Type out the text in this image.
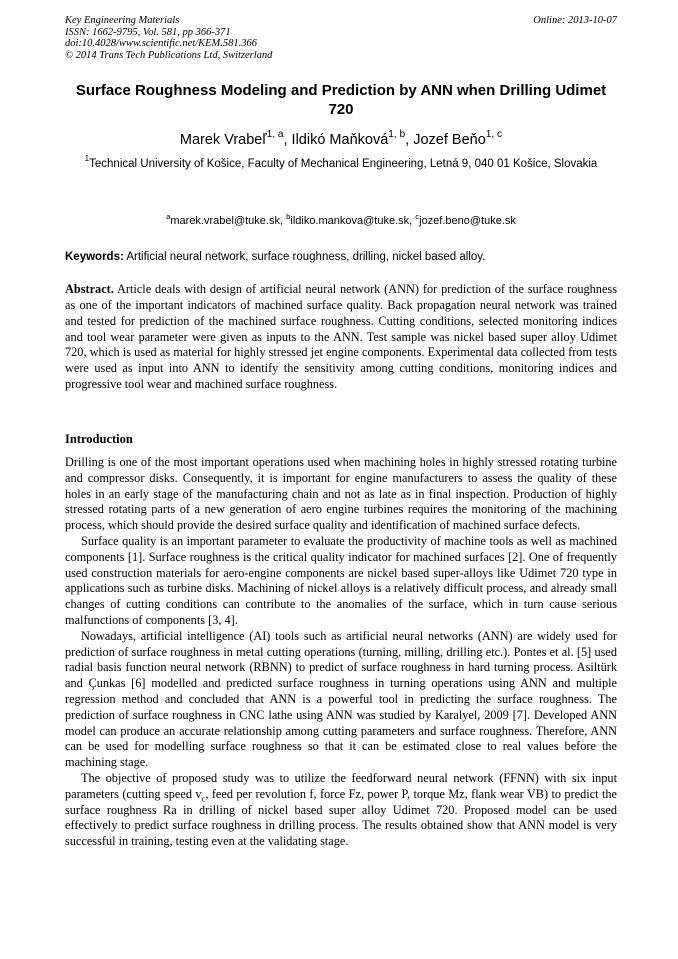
Key Engineering Materials
ISSN: 1662-9795, Vol. 581, pp 366-371
doi:10.4028/www.scientific.net/KEM.581.366
© 2014 Trans Tech Publications Ltd, Switzerland
Online: 2013-10-07
Surface Roughness Modeling and Prediction by ANN when Drilling Udimet 720
Marek Vrabeľ$^{1, a}$, Ildikó Maňková$^{1, b}$, Jozef Beňo$^{1, c}$
$^1$Technical University of Košice, Faculty of Mechanical Engineering, Letná 9, 040 01 Košice, Slovakia
$^a$marek.vrabel@tuke.sk, $^b$ildiko.mankova@tuke.sk, $^c$jozef.beno@tuke.sk
Keywords: Artificial neural network, surface roughness, drilling, nickel based alloy.
Abstract. Article deals with design of artificial neural network (ANN) for prediction of the surface roughness as one of the important indicators of machined surface quality. Back propagation neural network was trained and tested for prediction of the machined surface roughness. Cutting conditions, selected monitoring indices and tool wear parameter were given as inputs to the ANN. Test sample was nickel based super alloy Udimet 720, which is used as material for highly stressed jet engine components. Experimental data collected from tests were used as input into ANN to identify the sensitivity among cutting conditions, monitoring indices and progressive tool wear and machined surface roughness.
Introduction

Drilling is one of the most important operations used when machining holes in highly stressed rotating turbine and compressor disks. Consequently, it is important for engine manufacturers to assess the quality of these holes in an early stage of the manufacturing chain and not as late as in final inspection. Production of highly stressed rotating parts of a new generation of aero engine turbines requires the monitoring of the machining process, which should provide the desired surface quality and identification of machined surface defects.

Surface quality is an important parameter to evaluate the productivity of machine tools as well as machined components [1]. Surface roughness is the critical quality indicator for machined surfaces [2]. One of frequently used construction materials for aero-engine components are nickel based super-alloys like Udimet 720 type in applications such as turbine disks. Machining of nickel alloys is a relatively difficult process, and already small changes of cutting conditions can contribute to the anomalies of the surface, which in turn cause serious malfunctions of components [3, 4].

Nowadays, artificial intelligence (AI) tools such as artificial neural networks (ANN) are widely used for prediction of surface roughness in metal cutting operations (turning, milling, drilling etc.). Pontes et al. [5] used radial basis function neural network (RBNN) to predict of surface roughness in hard turning process. Asiltürk and Çunkas [6] modelled and predicted surface roughness in turning operations using ANN and multiple regression method and concluded that ANN is a powerful tool in predicting the surface roughness. The prediction of surface roughness in CNC lathe using ANN was studied by Karalyel, 2009 [7]. Developed ANN model can produce an accurate relationship among cutting parameters and surface roughness. Therefore, ANN can be used for modelling surface roughness so that it can be estimated close to real values before the machining stage.

The objective of proposed study was to utilize the feedforward neural network (FFNN) with six input parameters (cutting speed $v_c$, feed per revolution f, force Fz, power P, torque Mz, flank wear VB) to predict the surface roughness Ra in drilling of nickel based super alloy Udimet 720. Proposed model can be used effectively to predict surface roughness in drilling process. The results obtained show that ANN model is very successful in training, testing even at the validating stage.
